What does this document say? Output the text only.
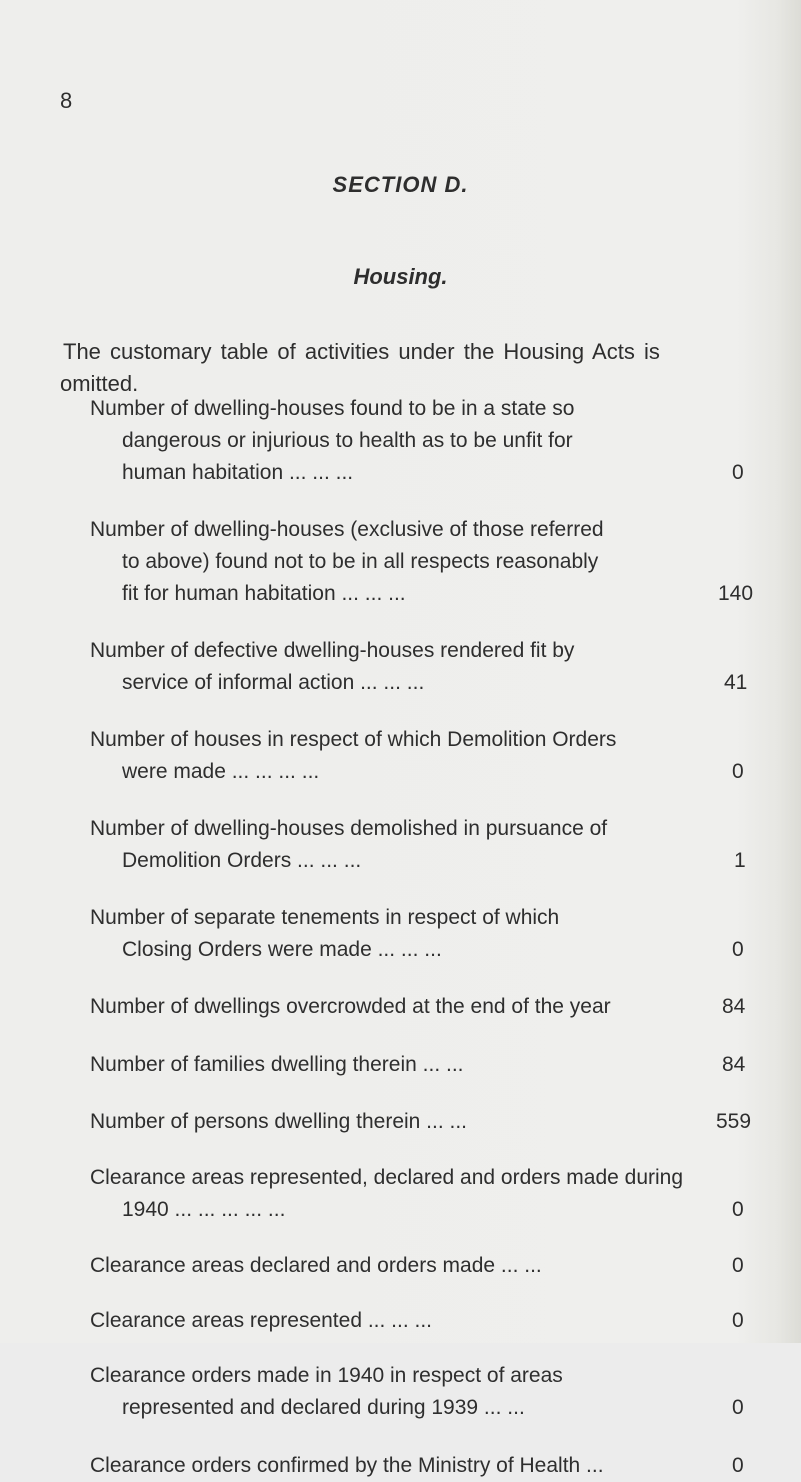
8
SECTION D.
Housing.
The customary table of activities under the Housing Acts is
omitted.
Number of dwelling-houses found to be in a state so
dangerous or injurious to health as to be unfit for
human habitation ... ... ...	0
Number of dwelling-houses (exclusive of those referred
to above) found not to be in all respects reasonably
fit for human habitation ... ... ...	140
Number of defective dwelling-houses rendered fit by
service of informal action ... ... ...	41
Number of houses in respect of which Demolition Orders
were made ... ... ... ...	0
Number of dwelling-houses demolished in pursuance of
Demolition Orders ... ... ...	1
Number of separate tenements in respect of which
Closing Orders were made ... ... ...	0
Number of dwellings overcrowded at the end of the year	84
Number of families dwelling therein ... ...	84
Number of persons dwelling therein ... ...	559
Clearance areas represented, declared and orders made during
1940 ... ... ... ... ...	0
Clearance areas declared and orders made ... ...	0
Clearance areas represented ... ... ...	0
Clearance orders made in 1940 in respect of areas
represented and declared during 1939 ... ...	0
Clearance orders confirmed by the Ministry of Health ...	0
